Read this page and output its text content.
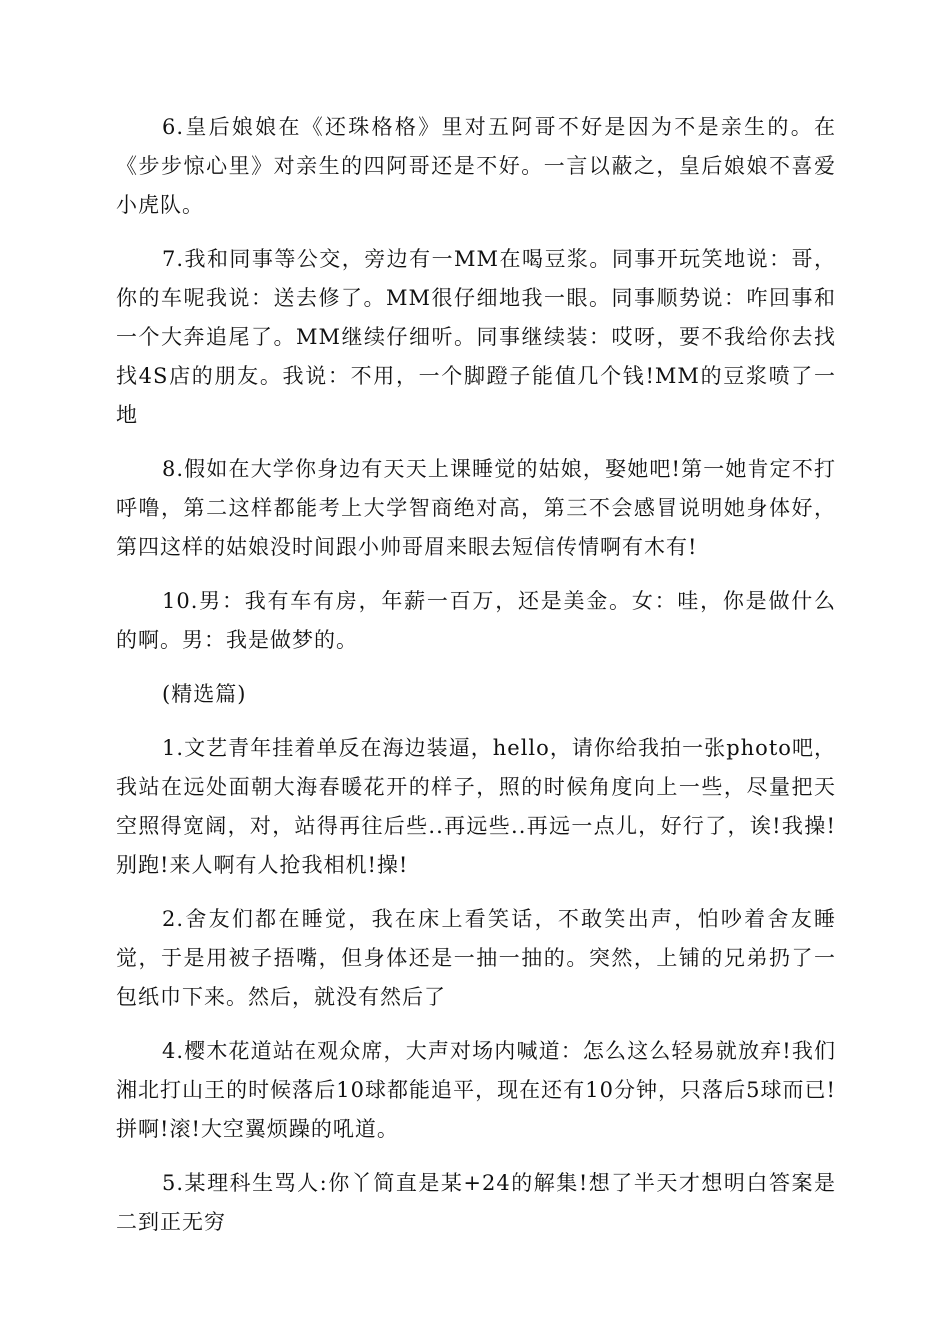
6.皇后娘娘在《还珠格格》里对五阿哥不好是因为不是亲生的。在《步步惊心里》对亲生的四阿哥还是不好。一言以蔽之，皇后娘娘不喜爱小虎队。

7.我和同事等公交，旁边有一MM在喝豆浆。同事开玩笑地说：哥，你的车呢我说：送去修了。MM很仔细地我一眼。同事顺势说：咋回事和一个大奔追尾了。MM继续仔细听。同事继续装：哎呀，要不我给你去找找4S店的朋友。我说：不用，一个脚蹬子能值几个钱!MM的豆浆喷了一地

8.假如在大学你身边有天天上课睡觉的姑娘，娶她吧!第一她肯定不打呼噜，第二这样都能考上大学智商绝对高，第三不会感冒说明她身体好，第四这样的姑娘没时间跟小帅哥眉来眼去短信传情啊有木有!

10.男：我有车有房，年薪一百万，还是美金。女：哇，你是做什么的啊。男：我是做梦的。

(精选篇)

1.文艺青年挂着单反在海边装逼，hello，请你给我拍一张photo吧，我站在远处面朝大海春暖花开的样子，照的时候角度向上一些，尽量把天空照得宽阔，对，站得再往后些..再远些..再远一点儿，好行了，诶!我操!别跑!来人啊有人抢我相机!操!

2.舍友们都在睡觉，我在床上看笑话，不敢笑出声，怕吵着舍友睡觉，于是用被子捂嘴，但身体还是一抽一抽的。突然，上铺的兄弟扔了一包纸巾下来。然后，就没有然后了

4.樱木花道站在观众席，大声对场内喊道：怎么这么轻易就放弃!我们湘北打山王的时候落后10球都能追平，现在还有10分钟，只落后5球而已!拼啊!滚!大空翼烦躁的吼道。

5.某理科生骂人:你丫简直是某+24的解集!想了半天才想明白答案是二到正无穷
